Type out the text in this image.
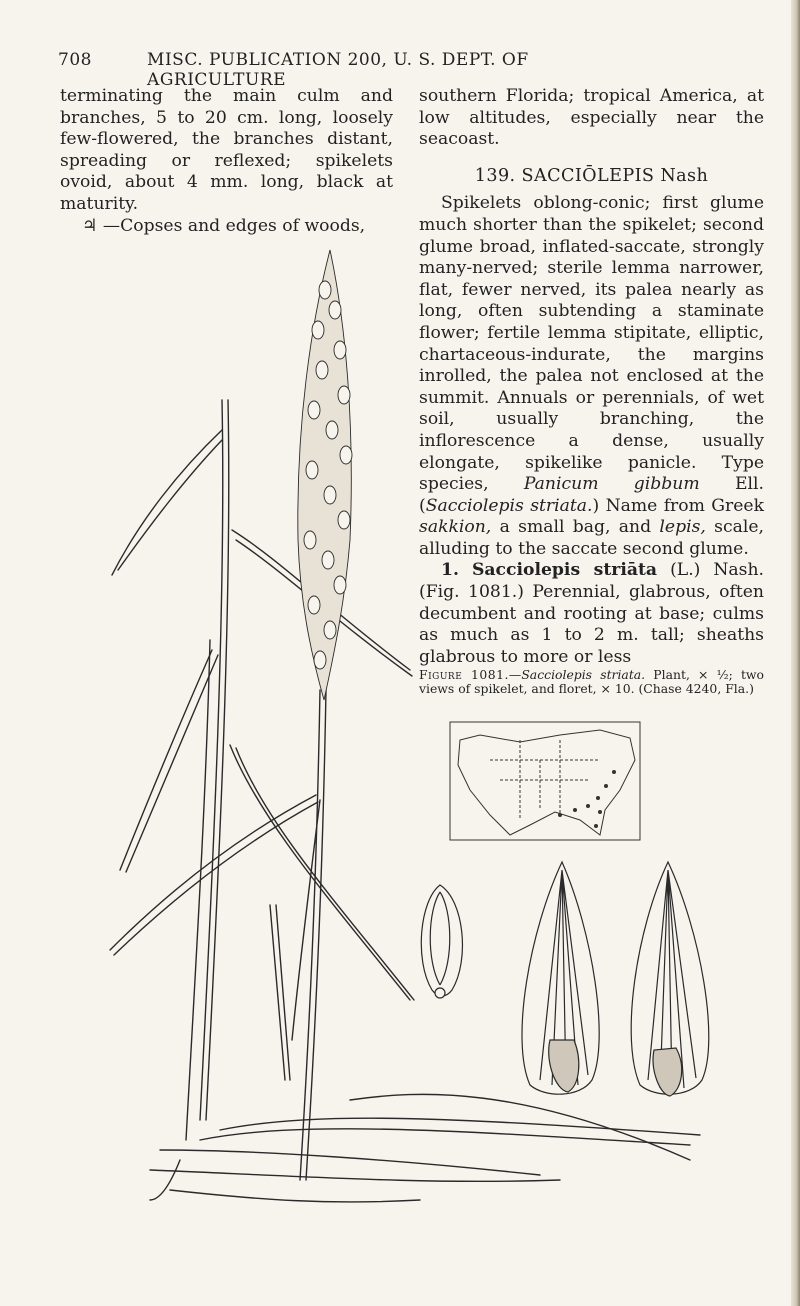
708	MISC. PUBLICATION 200, U. S. DEPT. OF AGRICULTURE

terminating the main culm and branches, 5 to 20 cm. long, loosely few-flowered, the branches distant, spreading or reflexed; spikelets ovoid, about 4 mm. long, black at maturity.

♃ —Copses and edges of woods,

southern Florida; tropical America, at low altitudes, especially near the seacoast.

139. SACCIŌLEPIS Nash

Spikelets oblong-conic; first glume much shorter than the spikelet; second glume broad, inflated-saccate, strongly many-nerved; sterile lemma narrower, flat, fewer nerved, its palea nearly as long, often subtending a staminate flower; fertile lemma stipitate, elliptic, chartaceous-indurate, the margins inrolled, the palea not enclosed at the summit. Annuals or perennials, of wet soil, usually branching, the inflorescence a dense, usually elongate, spikelike panicle. Type species, Panicum gibbum Ell. (Sacciolepis striata.) Name from Greek sakkion, a small bag, and lepis, scale, alluding to the saccate second glume.

1. Sacciolepis striāta (L.) Nash. (Fig. 1081.) Perennial, glabrous, often decumbent and rooting at base; culms as much as 1 to 2 m. tall; sheaths glabrous to more or less

Figure 1081.—Sacciolepis striata. Plant, × ½; two views of spikelet, and floret, × 10. (Chase 4240, Fla.)
